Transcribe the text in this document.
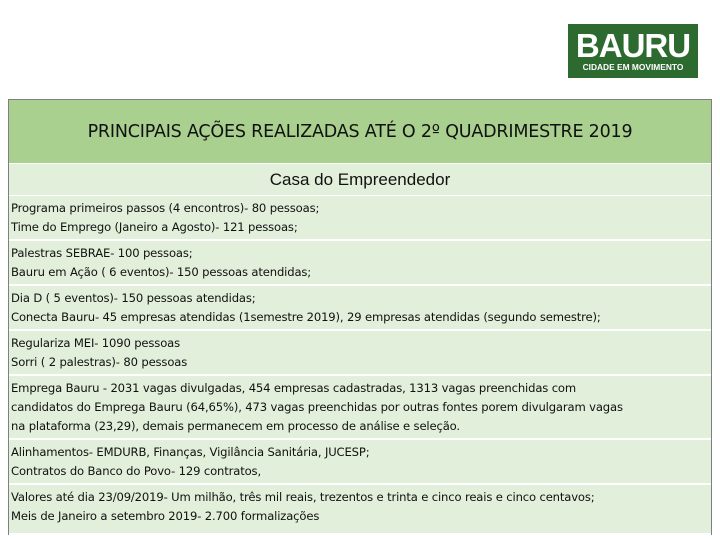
BAURU
CIDADE EM MOVIMENTO
PRINCIPAIS AÇÕES REALIZADAS ATÉ O 2º QUADRIMESTRE 2019
Casa do Empreendedor
Programa primeiros passos (4 encontros)- 80 pessoas;
Time do Emprego (Janeiro a Agosto)- 121 pessoas;
Palestras SEBRAE- 100 pessoas;
Bauru em Ação ( 6 eventos)- 150 pessoas atendidas;
Dia D ( 5 eventos)- 150 pessoas atendidas;
Conecta Bauru- 45 empresas atendidas (1semestre 2019), 29 empresas atendidas (segundo semestre);
Regulariza MEI- 1090 pessoas
Sorri ( 2 palestras)- 80 pessoas
Emprega Bauru - 2031 vagas divulgadas, 454 empresas cadastradas, 1313 vagas preenchidas com
candidatos do Emprega Bauru (64,65%), 473 vagas preenchidas por outras fontes porem divulgaram vagas
na plataforma (23,29), demais permanecem em processo de análise e seleção.
Alinhamentos- EMDURB, Finanças, Vigilância Sanitária, JUCESP;
Contratos do Banco do Povo- 129 contratos,
Valores até dia 23/09/2019- Um milhão, três mil reais, trezentos e trinta e cinco reais e cinco centavos;
Meis de Janeiro a setembro 2019- 2.700 formalizações
